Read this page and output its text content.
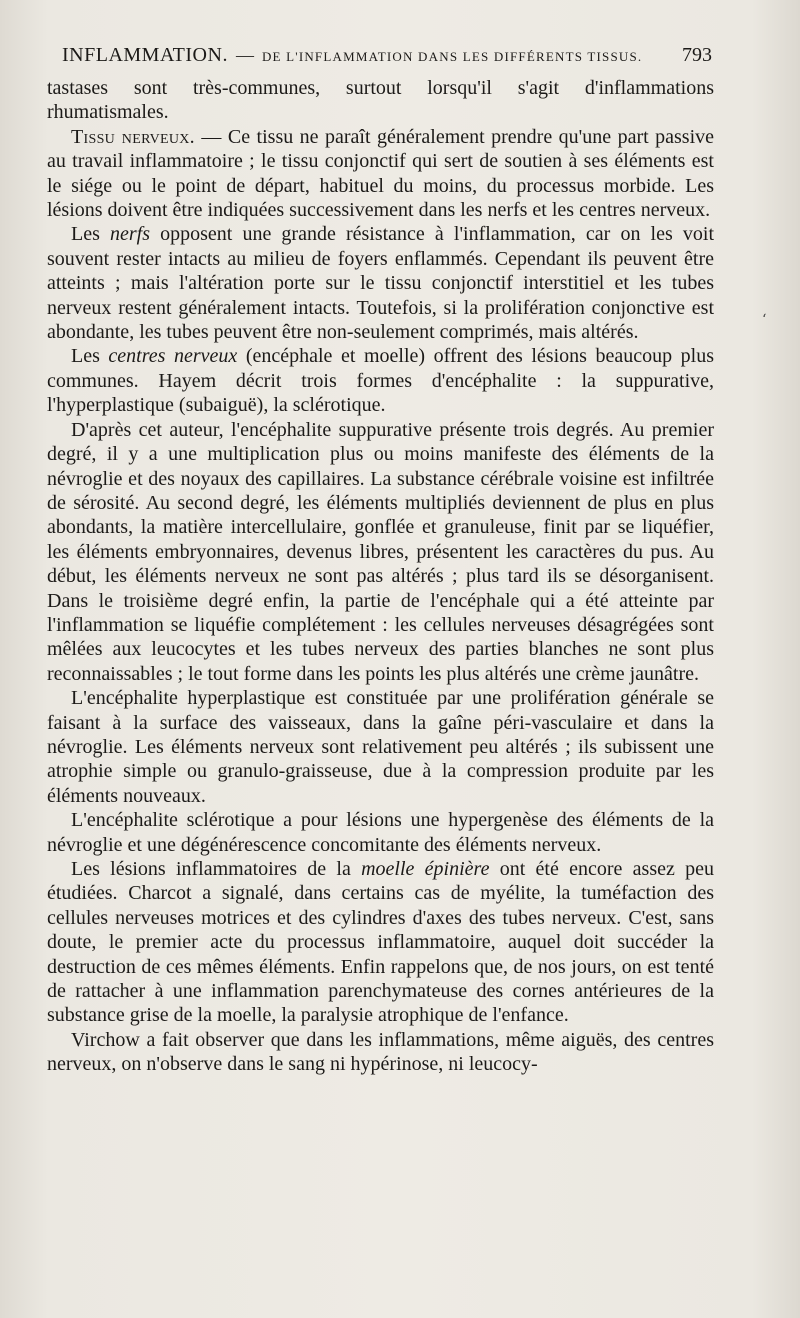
INFLAMMATION. — DE L'INFLAMMATION DANS LES DIFFÉRENTS TISSUS. 793

tastases sont très-communes, surtout lorsqu'il s'agit d'inflammations rhumatismales.

Tissu nerveux. — Ce tissu ne paraît généralement prendre qu'une part passive au travail inflammatoire ; le tissu conjonctif qui sert de soutien à ses éléments est le siége ou le point de départ, habituel du moins, du processus morbide. Les lésions doivent être indiquées successivement dans les nerfs et les centres nerveux.

Les nerfs opposent une grande résistance à l'inflammation, car on les voit souvent rester intacts au milieu de foyers enflammés. Cependant ils peuvent être atteints ; mais l'altération porte sur le tissu conjonctif interstitiel et les tubes nerveux restent généralement intacts. Toutefois, si la prolifération conjonctive est abondante, les tubes peuvent être non-seulement comprimés, mais altérés.

Les centres nerveux (encéphale et moelle) offrent des lésions beaucoup plus communes. Hayem décrit trois formes d'encéphalite : la suppurative, l'hyperplastique (subaiguë), la sclérotique.

D'après cet auteur, l'encéphalite suppurative présente trois degrés. Au premier degré, il y a une multiplication plus ou moins manifeste des éléments de la névroglie et des noyaux des capillaires. La substance cérébrale voisine est infiltrée de sérosité. Au second degré, les éléments multipliés deviennent de plus en plus abondants, la matière intercellulaire, gonflée et granuleuse, finit par se liquéfier, les éléments embryonnaires, devenus libres, présentent les caractères du pus. Au début, les éléments nerveux ne sont pas altérés ; plus tard ils se désorganisent. Dans le troisième degré enfin, la partie de l'encéphale qui a été atteinte par l'inflammation se liquéfie complétement : les cellules nerveuses désagrégées sont mêlées aux leucocytes et les tubes nerveux des parties blanches ne sont plus reconnaissables ; le tout forme dans les points les plus altérés une crème jaunâtre.

L'encéphalite hyperplastique est constituée par une prolifération générale se faisant à la surface des vaisseaux, dans la gaîne péri-vasculaire et dans la névroglie. Les éléments nerveux sont relativement peu altérés ; ils subissent une atrophie simple ou granulo-graisseuse, due à la compression produite par les éléments nouveaux.

L'encéphalite sclérotique a pour lésions une hypergenèse des éléments de la névroglie et une dégénérescence concomitante des éléments nerveux.

Les lésions inflammatoires de la moelle épinière ont été encore assez peu étudiées. Charcot a signalé, dans certains cas de myélite, la tuméfaction des cellules nerveuses motrices et des cylindres d'axes des tubes nerveux. C'est, sans doute, le premier acte du processus inflammatoire, auquel doit succéder la destruction de ces mêmes éléments. Enfin rappelons que, de nos jours, on est tenté de rattacher à une inflammation parenchymateuse des cornes antérieures de la substance grise de la moelle, la paralysie atrophique de l'enfance.

Virchow a fait observer que dans les inflammations, même aiguës, des centres nerveux, on n'observe dans le sang ni hypérinose, ni leucocy-

ʻ
